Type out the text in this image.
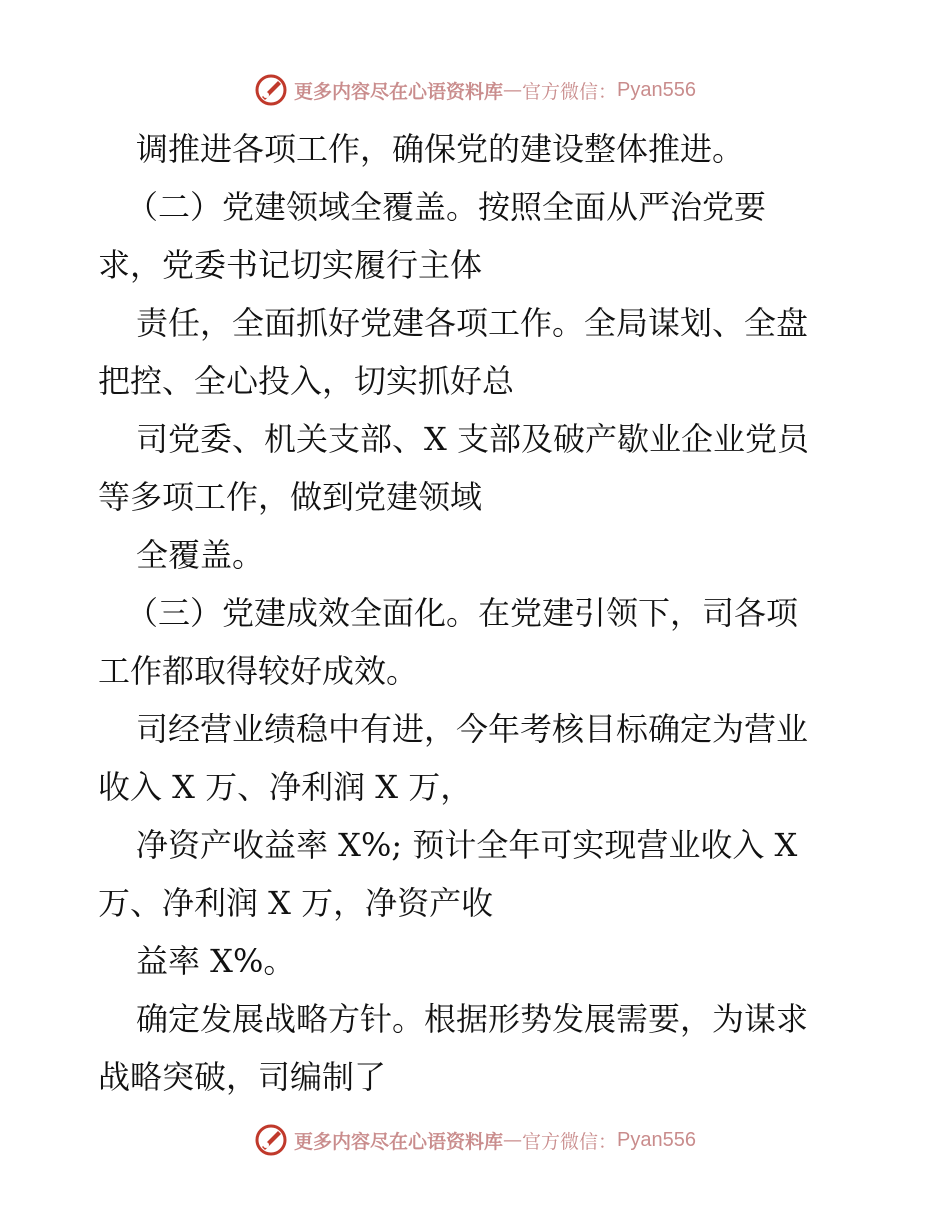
更多内容尽在心语资料库 — 官方微信： Pyan556
调推进各项工作，确保党的建设整体推进。
（二）党建领域全覆盖。按照全面从严治党要
求，党委书记切实履行主体
责任，全面抓好党建各项工作。全局谋划、全盘
把控、全心投入，切实抓好总
司党委、机关支部、X 支部及破产歇业企业党员
等多项工作，做到党建领域
全覆盖。
（三）党建成效全面化。在党建引领下，司各项
工作都取得较好成效。
司经营业绩稳中有进，今年考核目标确定为营业
收入 X 万、净利润 X 万，
净资产收益率 X%; 预计全年可实现营业收入 X
万、净利润 X 万，净资产收
益率 X%。
确定发展战略方针。根据形势发展需要，为谋求
战略突破，司编制了
更多内容尽在心语资料库 — 官方微信： Pyan556
